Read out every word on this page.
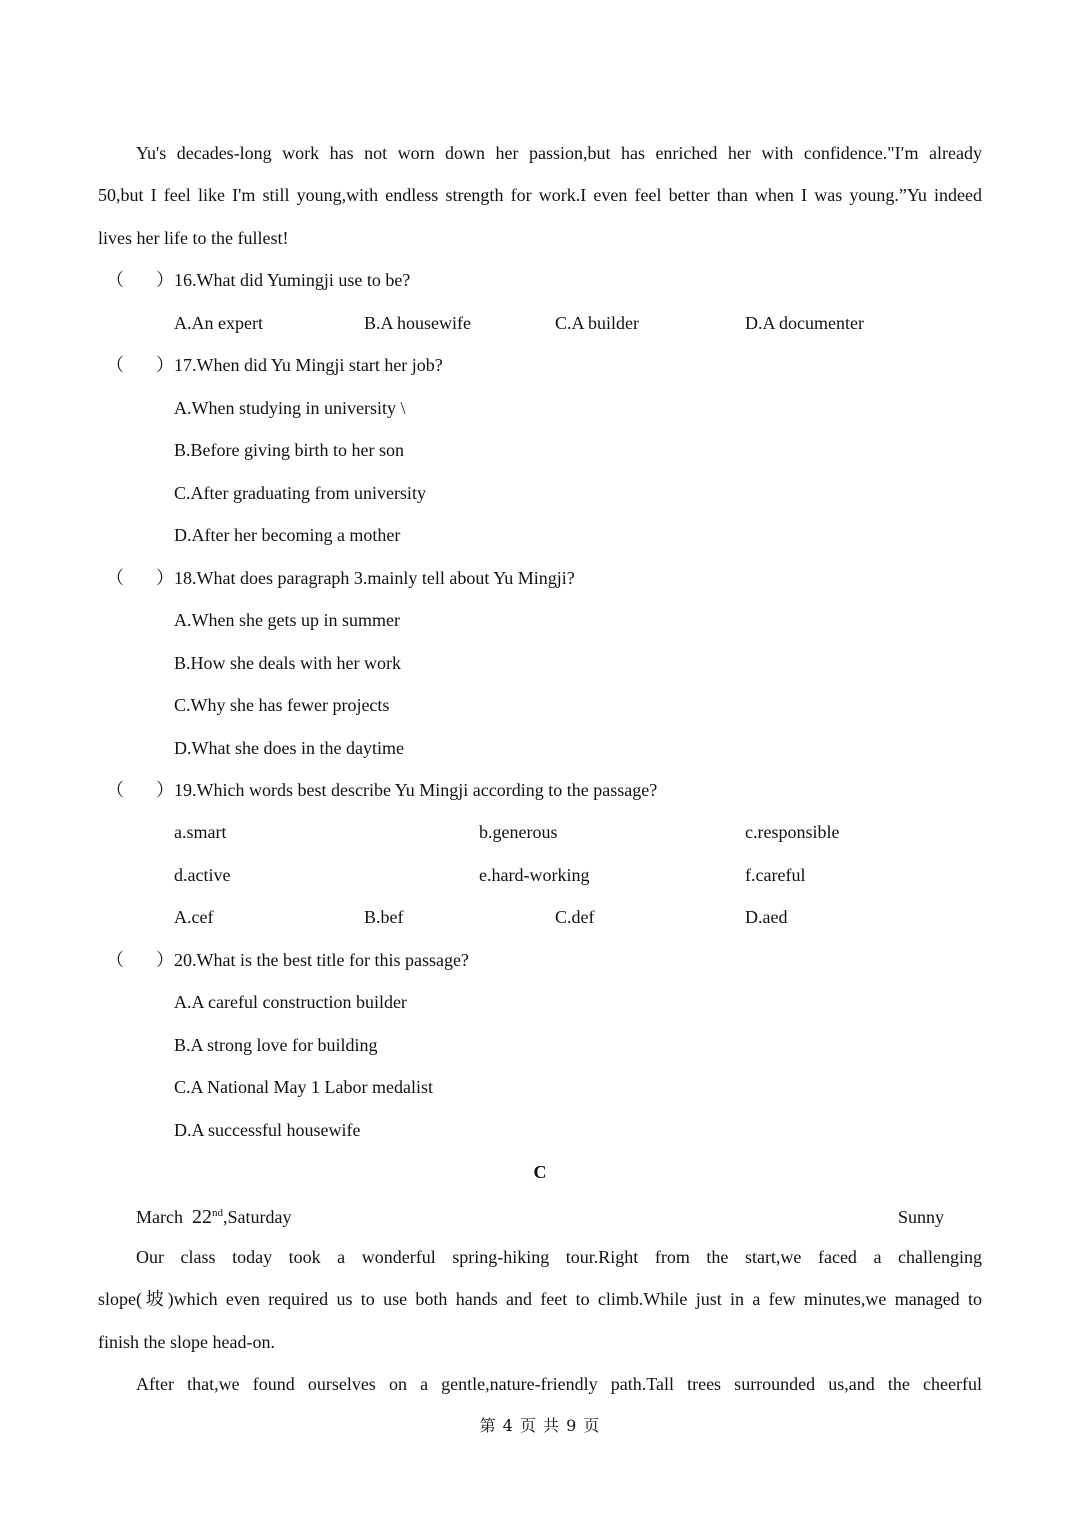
Yu's decades-long work has not worn down her passion,but has enriched her with confidence."I′m already
50,but I feel like I'm still young,with endless strength for work.I even feel better than when I was young.”Yu indeed
lives her life to the fullest!
（ ） 16.What did Yumingji use to be?
A.An expert	B.A housewife	C.A builder	D.A documenter
（ ） 17.When did Yu Mingji start her job?
A.When studying in university \
B.Before giving birth to her son
C.After graduating from university
D.After her becoming a mother
（ ） 18.What does paragraph 3.mainly tell about Yu Mingji?
A.When she gets up in summer
B.How she deals with her work
C.Why she has fewer projects
D.What she does in the daytime
（ ） 19.Which words best describe Yu Mingji according to the passage?
a.smart	b.generous	c.responsible
d.active	e.hard-working	f.careful
A.cef	B.bef	C.def	D.aed
（ ） 20.What is the best title for this passage?
A.A careful construction builder
B.A strong love for building
C.A National May 1 Labor medalist
D.A successful housewife
C
March 22nd,Saturday	Sunny
Our class today took a wonderful spring-hiking tour.Right from the start,we faced a challenging
slope(坡)which even required us to use both hands and feet to climb.While just in a few minutes,we managed to
finish the slope head-on.
After that,we found ourselves on a gentle,nature-friendly path.Tall trees surrounded us,and the cheerful
第 4 页 共 9 页
